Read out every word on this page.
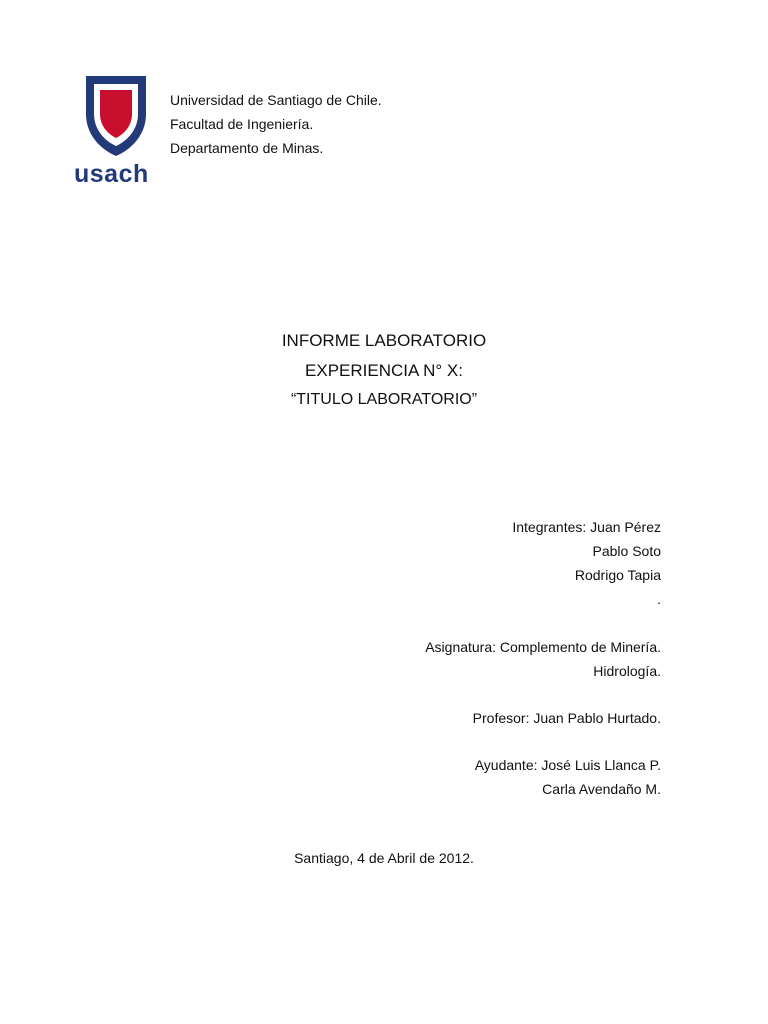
usach
Universidad de Santiago de Chile.
Facultad de Ingeniería.
Departamento de Minas.
INFORME LABORATORIO
EXPERIENCIA N° X:
“TITULO LABORATORIO”
Integrantes: Juan Pérez
Pablo Soto
Rodrigo Tapia
.
Asignatura: Complemento de Minería.
Hidrología.
Profesor: Juan Pablo Hurtado.
Ayudante: José Luis Llanca P.
Carla Avendaño M.
Santiago, 4 de Abril de 2012.
